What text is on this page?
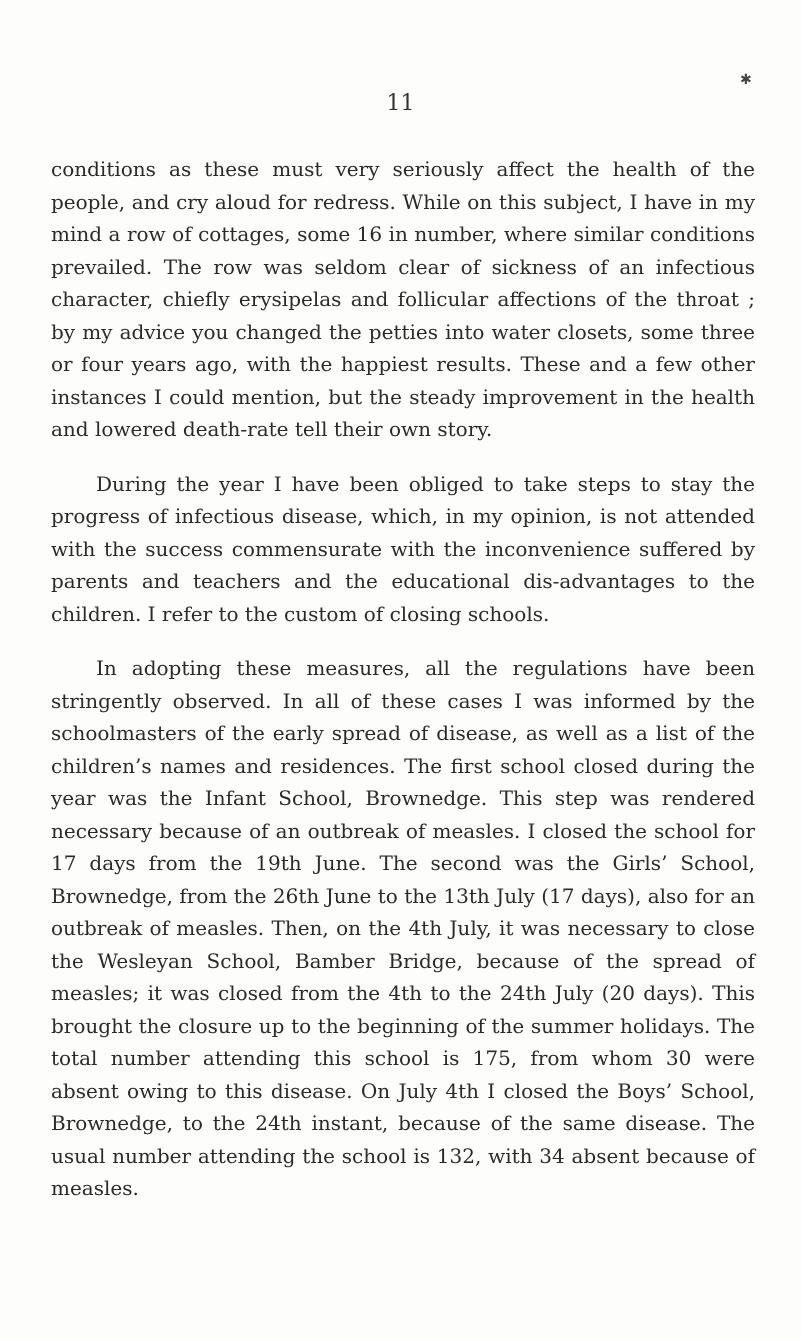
✱
11

conditions as these must very seriously affect the health of the people, and cry aloud for redress. While on this subject, I have in my mind a row of cottages, some 16 in number, where similar conditions prevailed. The row was seldom clear of sickness of an infectious character, chiefly erysipelas and follicular affections of the throat ; by my advice you changed the petties into water closets, some three or four years ago, with the happiest results. These and a few other instances I could mention, but the steady improvement in the health and lowered death-rate tell their own story.

During the year I have been obliged to take steps to stay the progress of infectious disease, which, in my opinion, is not attended with the success commensurate with the inconvenience suffered by parents and teachers and the educational dis-advantages to the children. I refer to the custom of closing schools.

In adopting these measures, all the regulations have been stringently observed. In all of these cases I was informed by the schoolmasters of the early spread of disease, as well as a list of the children’s names and residences. The first school closed during the year was the Infant School, Brownedge. This step was rendered necessary because of an outbreak of measles. I closed the school for 17 days from the 19th June. The second was the Girls’ School, Brownedge, from the 26th June to the 13th July (17 days), also for an outbreak of measles. Then, on the 4th July, it was necessary to close the Wesleyan School, Bamber Bridge, because of the spread of measles; it was closed from the 4th to the 24th July (20 days). This brought the closure up to the beginning of the summer holidays. The total number attending this school is 175, from whom 30 were absent owing to this disease. On July 4th I closed the Boys’ School, Brownedge, to the 24th instant, because of the same disease. The usual number attending the school is 132, with 34 absent because of measles.
